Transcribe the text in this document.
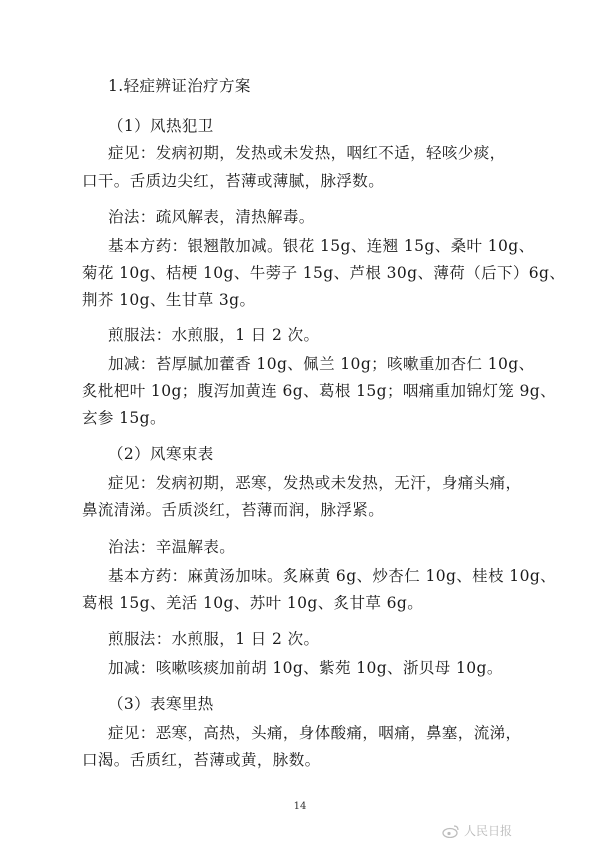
1.轻症辨证治疗方案
（1）风热犯卫
症见：发病初期，发热或未发热，咽红不适，轻咳少痰，
口干。舌质边尖红，苔薄或薄腻，脉浮数。
治法：疏风解表，清热解毒。
基本方药：银翘散加减。银花 15g、连翘 15g、桑叶 10g、
菊花 10g、桔梗 10g、牛蒡子 15g、芦根 30g、薄荷（后下）6g、
荆芥 10g、生甘草 3g。
煎服法：水煎服，1 日 2 次。
加减：苔厚腻加藿香 10g、佩兰 10g；咳嗽重加杏仁 10g、
炙枇杷叶 10g；腹泻加黄连 6g、葛根 15g；咽痛重加锦灯笼 9g、
玄参 15g。
（2）风寒束表
症见：发病初期，恶寒，发热或未发热，无汗，身痛头痛，
鼻流清涕。舌质淡红，苔薄而润，脉浮紧。
治法：辛温解表。
基本方药：麻黄汤加味。炙麻黄 6g、炒杏仁 10g、桂枝 10g、
葛根 15g、羌活 10g、苏叶 10g、炙甘草 6g。
煎服法：水煎服，1 日 2 次。
加减：咳嗽咳痰加前胡 10g、紫苑 10g、浙贝母 10g。
（3）表寒里热
症见：恶寒，高热，头痛，身体酸痛，咽痛，鼻塞，流涕，
口渴。舌质红，苔薄或黄，脉数。
14
人民日报
